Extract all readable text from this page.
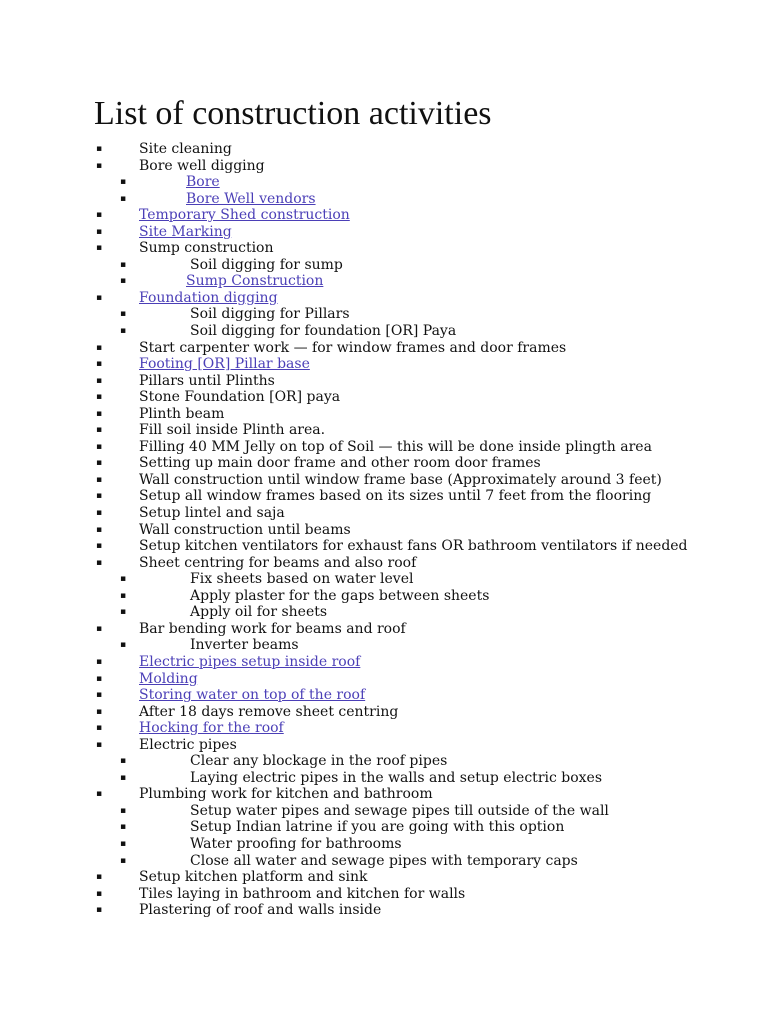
List of construction activities
▪	Site cleaning
▪	Bore well digging
▪	Bore
▪	Bore Well vendors
▪	Temporary Shed construction
▪	Site Marking
▪	Sump construction
▪	Soil digging for sump
▪	Sump Construction
▪	Foundation digging
▪	Soil digging for Pillars
▪	Soil digging for foundation [OR] Paya
▪	Start carpenter work — for window frames and door frames
▪	Footing [OR] Pillar base
▪	Pillars until Plinths
▪	Stone Foundation [OR] paya
▪	Plinth beam
▪	Fill soil inside Plinth area.
▪	Filling 40 MM Jelly on top of Soil — this will be done inside plingth area
▪	Setting up main door frame and other room door frames
▪	Wall construction until window frame base (Approximately around 3 feet)
▪	Setup all window frames based on its sizes until 7 feet from the flooring
▪	Setup lintel and saja
▪	Wall construction until beams
▪	Setup kitchen ventilators for exhaust fans OR bathroom ventilators if needed
▪	Sheet centring for beams and also roof
▪	Fix sheets based on water level
▪	Apply plaster for the gaps between sheets
▪	Apply oil for sheets
▪	Bar bending work for beams and roof
▪	Inverter beams
▪	Electric pipes setup inside roof
▪	Molding
▪	Storing water on top of the roof
▪	After 18 days remove sheet centring
▪	Hocking for the roof
▪	Electric pipes
▪	Clear any blockage in the roof pipes
▪	Laying electric pipes in the walls and setup electric boxes
▪	Plumbing work for kitchen and bathroom
▪	Setup water pipes and sewage pipes till outside of the wall
▪	Setup Indian latrine if you are going with this option
▪	Water proofing for bathrooms
▪	Close all water and sewage pipes with temporary caps
▪	Setup kitchen platform and sink
▪	Tiles laying in bathroom and kitchen for walls
▪	Plastering of roof and walls inside
